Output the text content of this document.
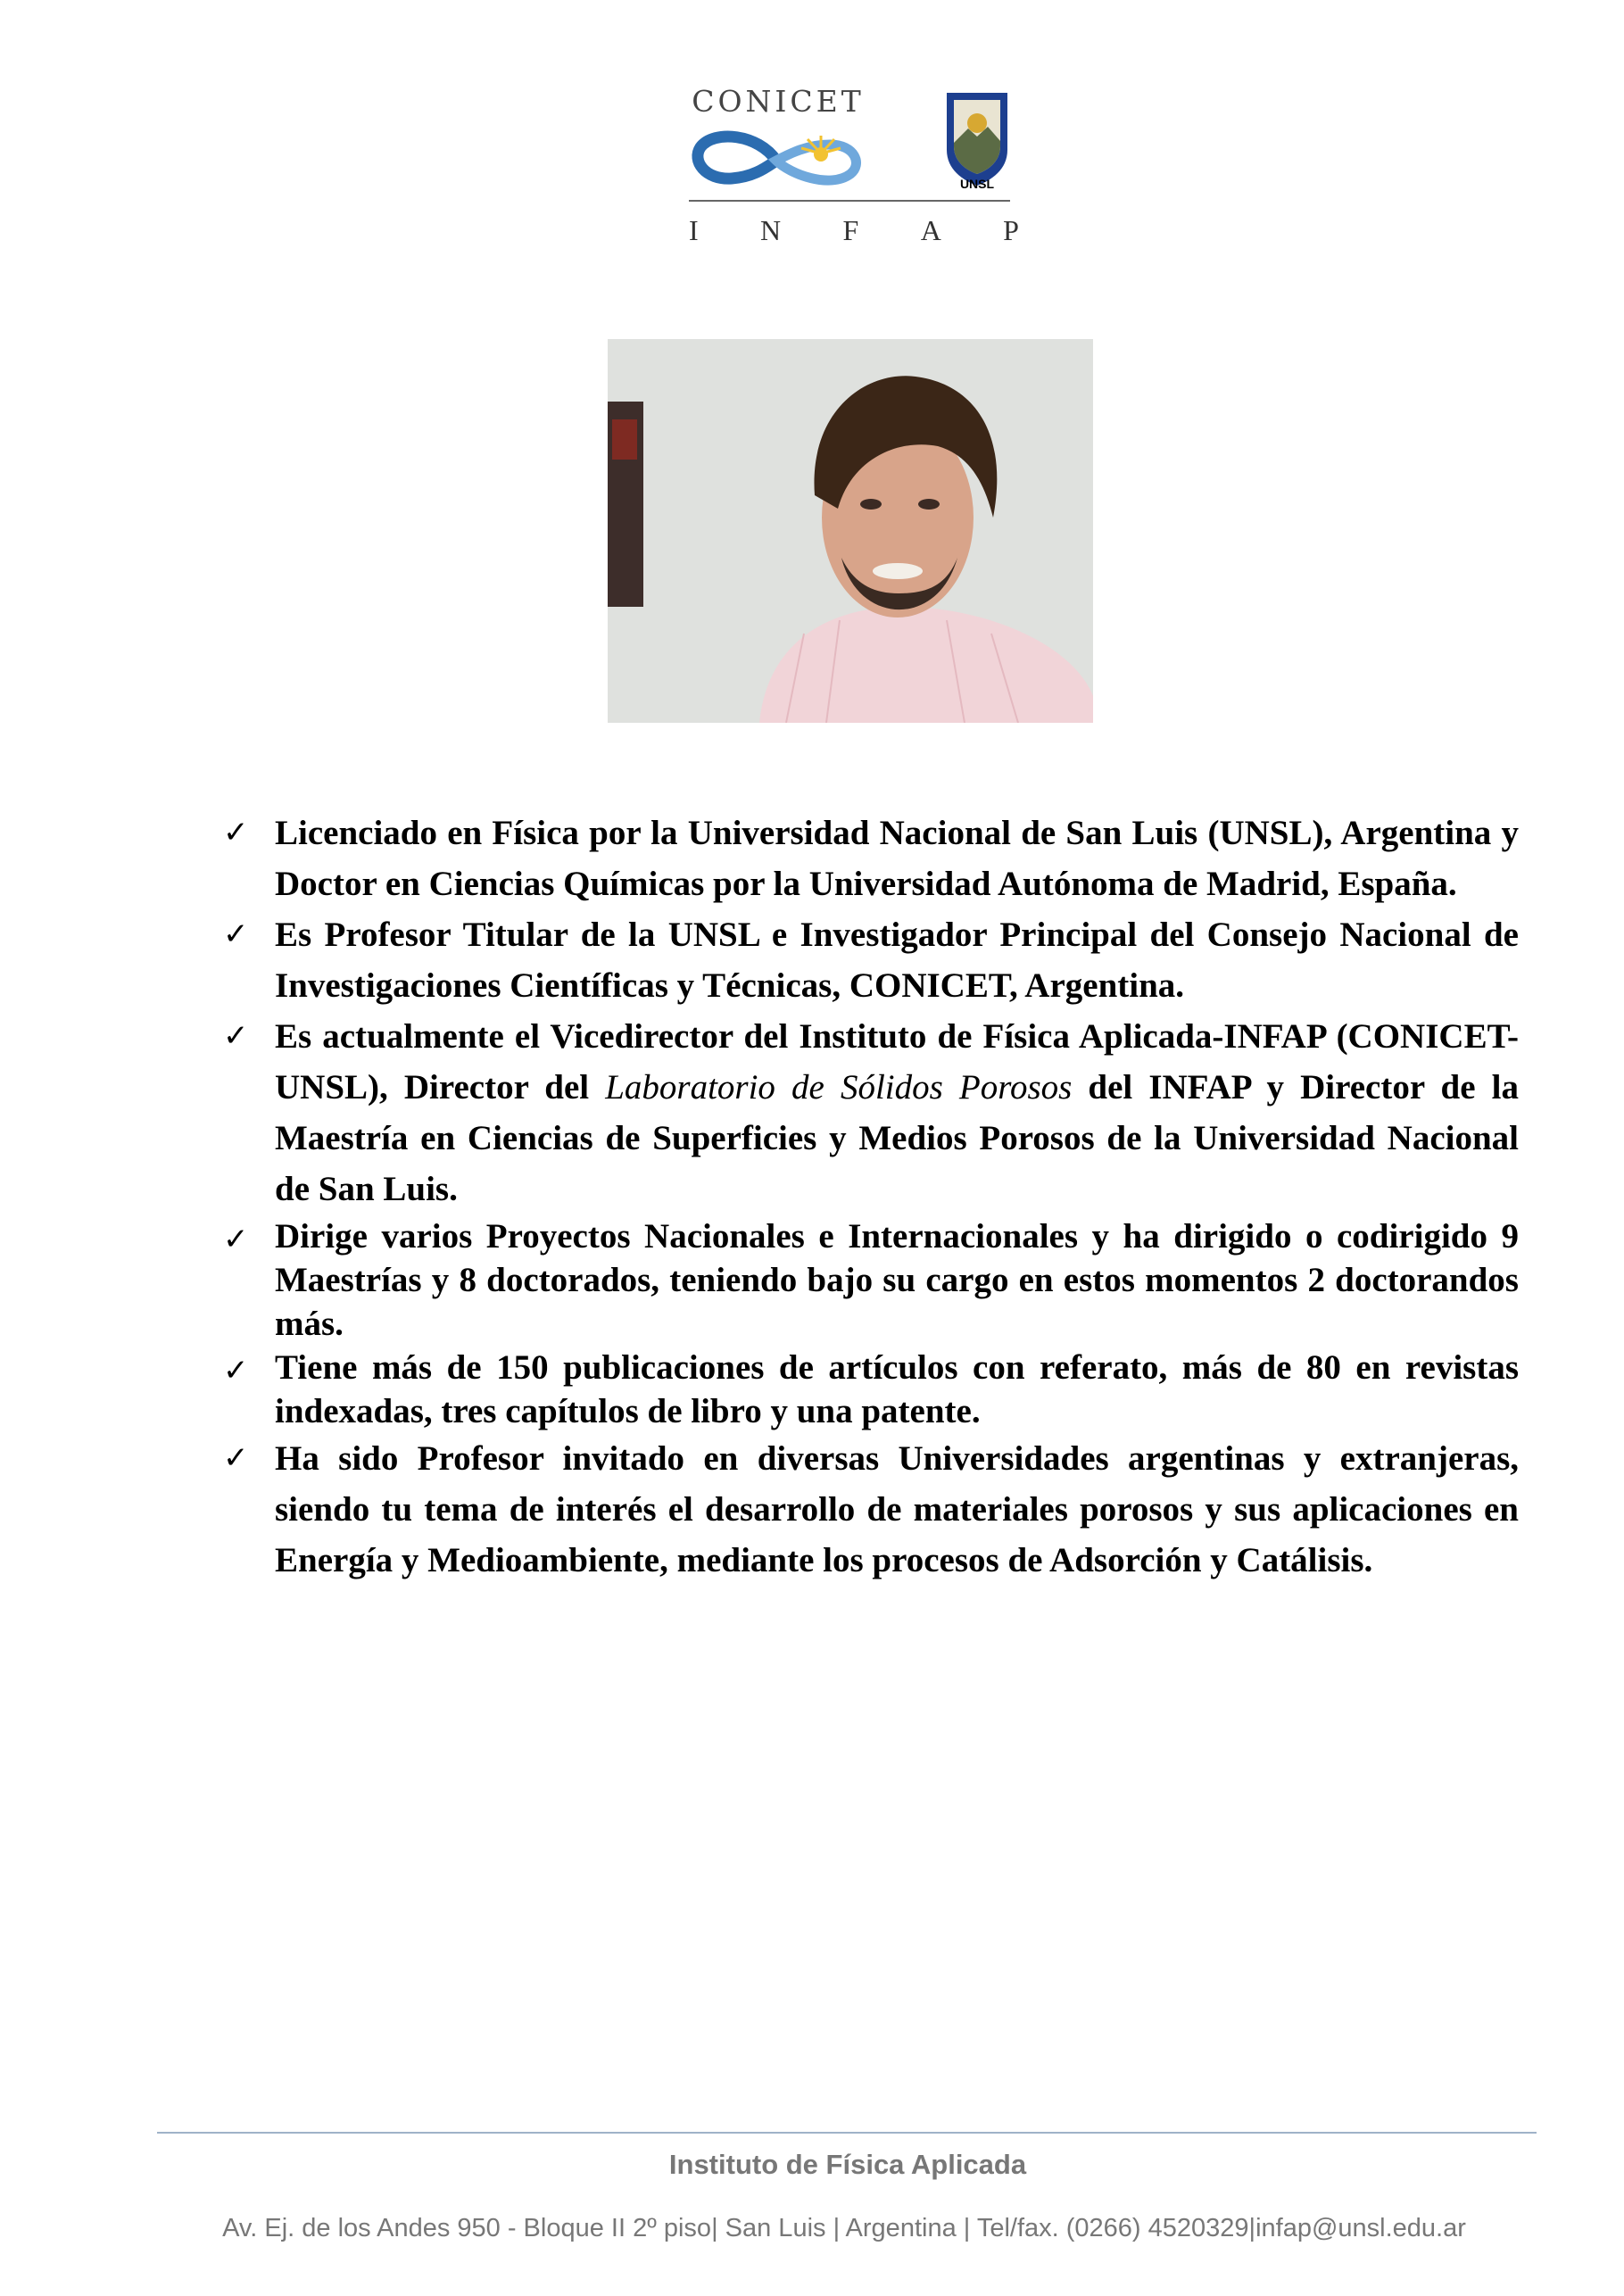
CONICET
UNSL
I N F A P
✓ Licenciado en Física por la Universidad Nacional de San Luis (UNSL), Argentina y Doctor en Ciencias Químicas por la Universidad Autónoma de Madrid, España.

✓ Es Profesor Titular de la UNSL e Investigador Principal del Consejo Nacional de Investigaciones Científicas y Técnicas, CONICET, Argentina.

✓ Es actualmente el Vicedirector del Instituto de Física Aplicada-INFAP (CONICET-UNSL), Director del Laboratorio de Sólidos Porosos del INFAP y Director de la Maestría en Ciencias de Superficies y Medios Porosos de la Universidad Nacional de San Luis.

✓ Dirige varios Proyectos Nacionales e Internacionales y ha dirigido o codirigido 9 Maestrías y 8 doctorados, teniendo bajo su cargo en estos momentos 2 doctorandos más.

✓ Tiene más de 150 publicaciones de artículos con referato, más de 80 en revistas indexadas, tres capítulos de libro y una patente.

✓ Ha sido Profesor invitado en diversas Universidades argentinas y extranjeras, siendo tu tema de interés el desarrollo de materiales porosos y sus aplicaciones en Energía y Medioambiente, mediante los procesos de Adsorción y Catálisis.

Instituto de Física Aplicada
Av. Ej. de los Andes 950 - Bloque II 2º piso| San Luis | Argentina | Tel/fax. (0266) 4520329|infap@unsl.edu.ar
